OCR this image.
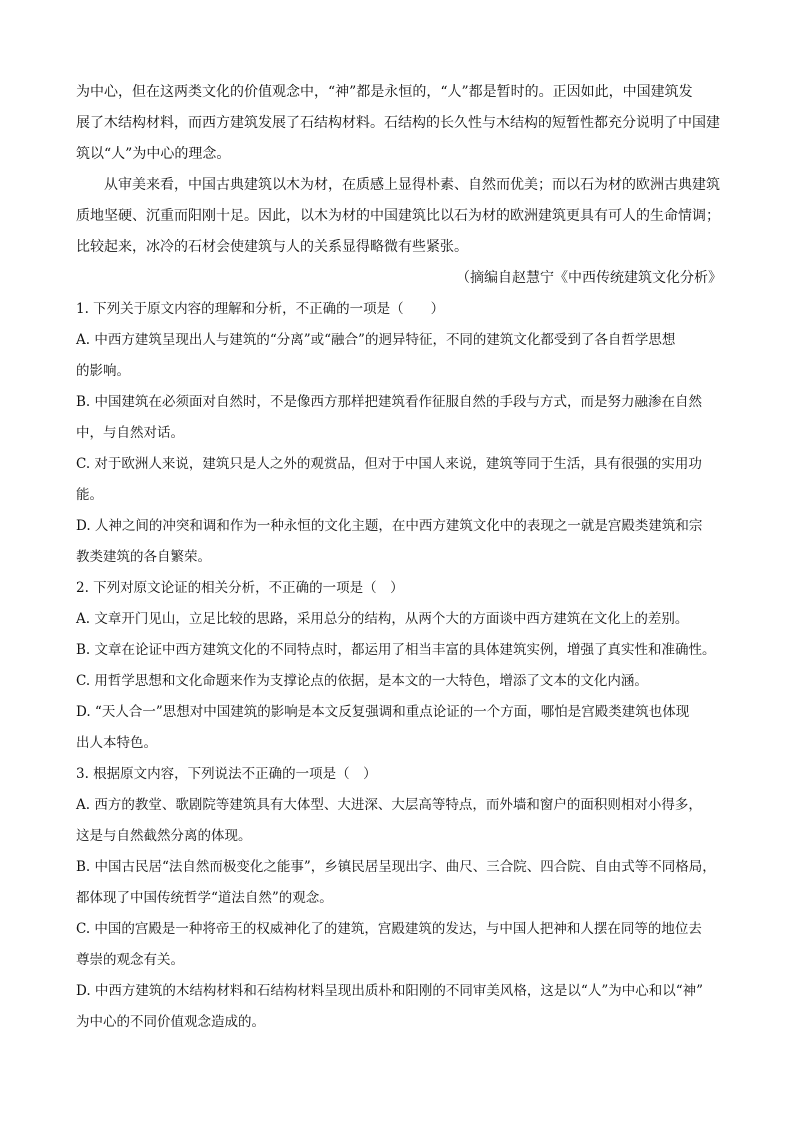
为中心，但在这两类文化的价值观念中，“神”都是永恒的，“人”都是暂时的。正因如此，中国建筑发
展了木结构材料，而西方建筑发展了石结构材料。石结构的长久性与木结构的短暂性都充分说明了中国建
筑以“人”为中心的理念。
从审美来看，中国古典建筑以木为材，在质感上显得朴素、自然而优美；而以石为材的欧洲古典建筑
质地坚硬、沉重而阳刚十足。因此，以木为材的中国建筑比以石为材的欧洲建筑更具有可人的生命情调；
比较起来，冰冷的石材会使建筑与人的关系显得略微有些紧张。
（摘编自赵慧宁《中西传统建筑文化分析》
1. 下列关于原文内容的理解和分析，不正确的一项是（　　）
A. 中西方建筑呈现出人与建筑的“分离”或“融合”的迥异特征，不同的建筑文化都受到了各自哲学思想
的影响。
B. 中国建筑在必须面对自然时，不是像西方那样把建筑看作征服自然的手段与方式，而是努力融渗在自然
中，与自然对话。
C. 对于欧洲人来说，建筑只是人之外的观赏品，但对于中国人来说，建筑等同于生活，具有很强的实用功
能。
D. 人神之间的冲突和调和作为一种永恒的文化主题，在中西方建筑文化中的表现之一就是宫殿类建筑和宗
教类建筑的各自繁荣。
2. 下列对原文论证的相关分析，不正确的一项是（　）
A. 文章开门见山，立足比较的思路，采用总分的结构，从两个大的方面谈中西方建筑在文化上的差别。
B. 文章在论证中西方建筑文化的不同特点时，都运用了相当丰富的具体建筑实例，增强了真实性和准确性。
C. 用哲学思想和文化命题来作为支撑论点的依据，是本文的一大特色，增添了文本的文化内涵。
D. “天人合一”思想对中国建筑的影响是本文反复强调和重点论证的一个方面，哪怕是宫殿类建筑也体现
出人本特色。
3. 根据原文内容，下列说法不正确的一项是（　）
A. 西方的教堂、歌剧院等建筑具有大体型、大进深、大层高等特点，而外墙和窗户的面积则相对小得多，
这是与自然截然分离的体现。
B. 中国古民居“法自然而极变化之能事”，乡镇民居呈现出字、曲尺、三合院、四合院、自由式等不同格局，
都体现了中国传统哲学“道法自然”的观念。
C. 中国的宫殿是一种将帝王的权威神化了的建筑，宫殿建筑的发达，与中国人把神和人摆在同等的地位去
尊崇的观念有关。
D. 中西方建筑的木结构材料和石结构材料呈现出质朴和阳刚的不同审美风格，这是以“人”为中心和以“神”
为中心的不同价值观念造成的。
